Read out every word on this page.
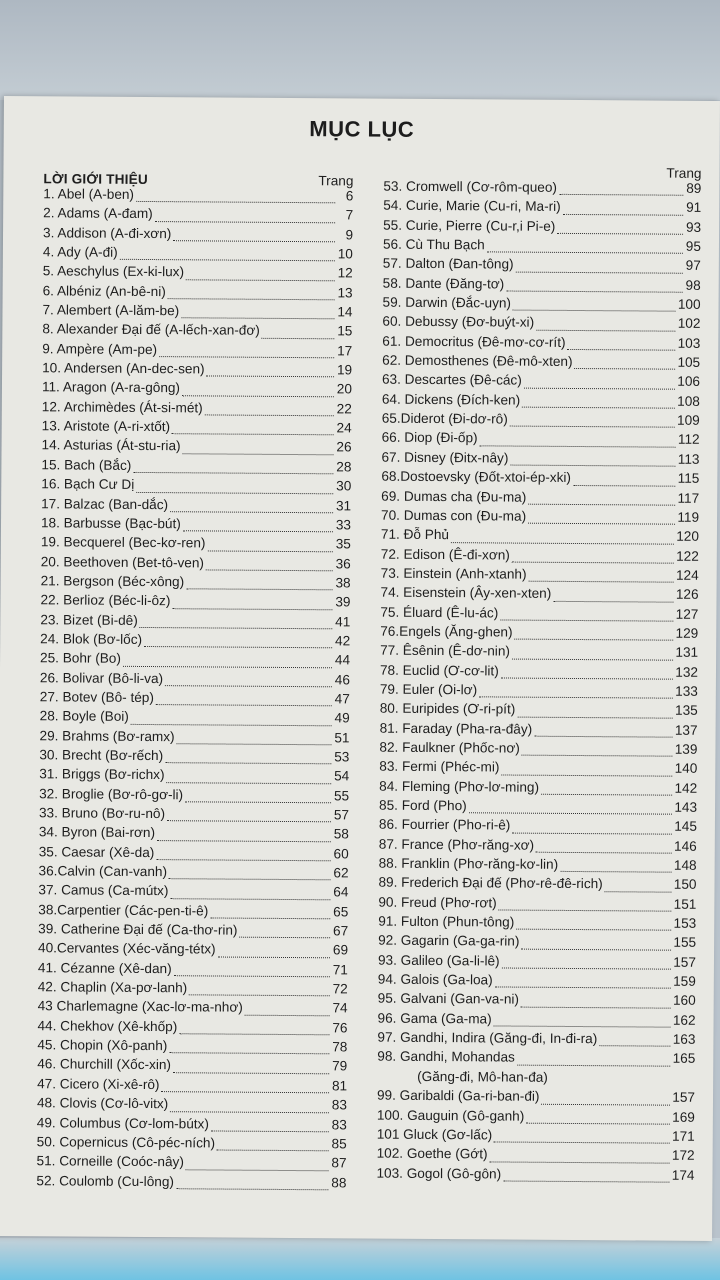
MỤC LỤC
LỜI GIỚI THIỆU	Trang
1. Abel (A-ben)	6
2. Adams (A-đam)	7
3. Addison (A-đi-xơn)	9
4. Ady (A-đi)	10
5. Aeschylus (Ex-ki-lux)	12
6. Albéniz (An-bê-ni)	13
7. Alembert (A-lăm-be)	14
8. Alexander Đại đế (A-lếch-xan-đơ)	15
9. Ampère (Am-pe)	17
10. Andersen (An-dec-sen)	19
11. Aragon (A-ra-gông)	20
12. Archimèdes (Át-si-mét)	22
13. Aristote (A-ri-xtốt)	24
14. Asturias (Át-stu-ria)	26
15. Bach (Bắc)	28
16. Bạch Cư Dị	30
17. Balzac (Ban-dắc)	31
18. Barbusse (Bạc-bút)	33
19. Becquerel (Bec-kơ-ren)	35
20. Beethoven (Bet-tô-ven)	36
21. Bergson (Béc-xông)	38
22. Berlioz (Béc-li-ôz)	39
23. Bizet (Bi-dê)	41
24. Blok (Bơ-lốc)	42
25. Bohr (Bo)	44
26. Bolivar (Bô-li-va)	46
27. Botev (Bô- tép)	47
28. Boyle (Boi)	49
29. Brahms (Bơ-ramx)	51
30. Brecht (Bơ-rếch)	53
31. Briggs (Bơ-richx)	54
32. Broglie (Bơ-rô-gơ-li)	55
33. Bruno (Bơ-ru-nô)	57
34. Byron (Bai-rơn)	58
35. Caesar (Xê-da)	60
36.Calvin (Can-vanh)	62
37. Camus (Ca-mútx)	64
38.Carpentier (Các-pen-ti-ê)	65
39. Catherine Đại đế (Ca-thơ-rin)	67
40.Cervantes (Xéc-văng-tétx)	69
41. Cézanne (Xê-dan)	71
42. Chaplin (Xa-pơ-lanh)	72
43 Charlemagne (Xac-lơ-ma-nhơ)	74
44. Chekhov (Xê-khốp)	76
45. Chopin (Xô-panh)	78
46. Churchill (Xốc-xin)	79
47. Cicero (Xi-xê-rô)	81
48. Clovis (Cơ-lô-vitx)	83
49. Columbus (Cơ-lom-bútx)	83
50. Copernicus (Cô-péc-ních)	85
51. Corneille (Coóc-nây)	87
52. Coulomb (Cu-lông)	88
Trang
53. Cromwell (Cơ-rôm-queo)	89
54. Curie, Marie (Cu-ri, Ma-ri)	91
55. Curie, Pierre (Cu-r,i Pi-e)	93
56. Cù Thu Bạch	95
57. Dalton (Đan-tông)	97
58. Dante (Đăng-tơ)	98
59. Darwin (Đắc-uyn)	100
60. Debussy (Đơ-buýt-xi)	102
61. Democritus (Đê-mơ-cơ-rít)	103
62. Demosthenes (Đê-mô-xten)	105
63. Descartes (Đê-các)	106
64. Dickens (Đích-ken)	108
65.Diderot (Đi-dơ-rô)	109
66. Diop (Đi-ốp)	112
67. Disney (Đitx-nây)	113
68.Dostoevsky (Đốt-xtoi-ép-xki)	115
69. Dumas cha (Đu-ma)	117
70. Dumas con (Đu-ma)	119
71. Đỗ Phủ	120
72. Edison (Ê-đi-xơn)	122
73. Einstein (Anh-xtanh)	124
74. Eisenstein (Ây-xen-xten)	126
75. Éluard (Ê-lu-ác)	127
76.Engels (Ăng-ghen)	129
77. Êsênin (Ê-dơ-nin)	131
78. Euclid (Ơ-cơ-lit)	132
79. Euler (Oi-lơ)	133
80. Euripides (Ơ-ri-pít)	135
81. Faraday (Pha-ra-đây)	137
82. Faulkner (Phốc-nơ)	139
83. Fermi (Phéc-mi)	140
84. Fleming (Phơ-lơ-ming)	142
85. Ford (Pho)	143
86. Fourrier (Pho-ri-ê)	145
87. France (Phơ-răng-xơ)	146
88. Franklin (Phơ-răng-kơ-lin)	148
89. Frederich Đại đế (Phơ-rê-đê-rich)	150
90. Freud (Phơ-rơt)	151
91. Fulton (Phun-tông)	153
92. Gagarin (Ga-ga-rin)	155
93. Galileo (Ga-li-lê)	157
94. Galois (Ga-loa)	159
95. Galvani (Gan-va-ni)	160
96. Gama (Ga-ma)	162
97. Gandhi, Indira (Găng-đi, In-đi-ra)	163
98. Gandhi, Mohandas	165
(Găng-đi, Mô-han-đa)
99. Garibaldi (Ga-ri-ban-đi)	157
100. Gauguin (Gô-ganh)	169
101 Gluck (Gơ-lấc)	171
102. Goethe (Gớt)	172
103. Gogol (Gô-gôn)	174
